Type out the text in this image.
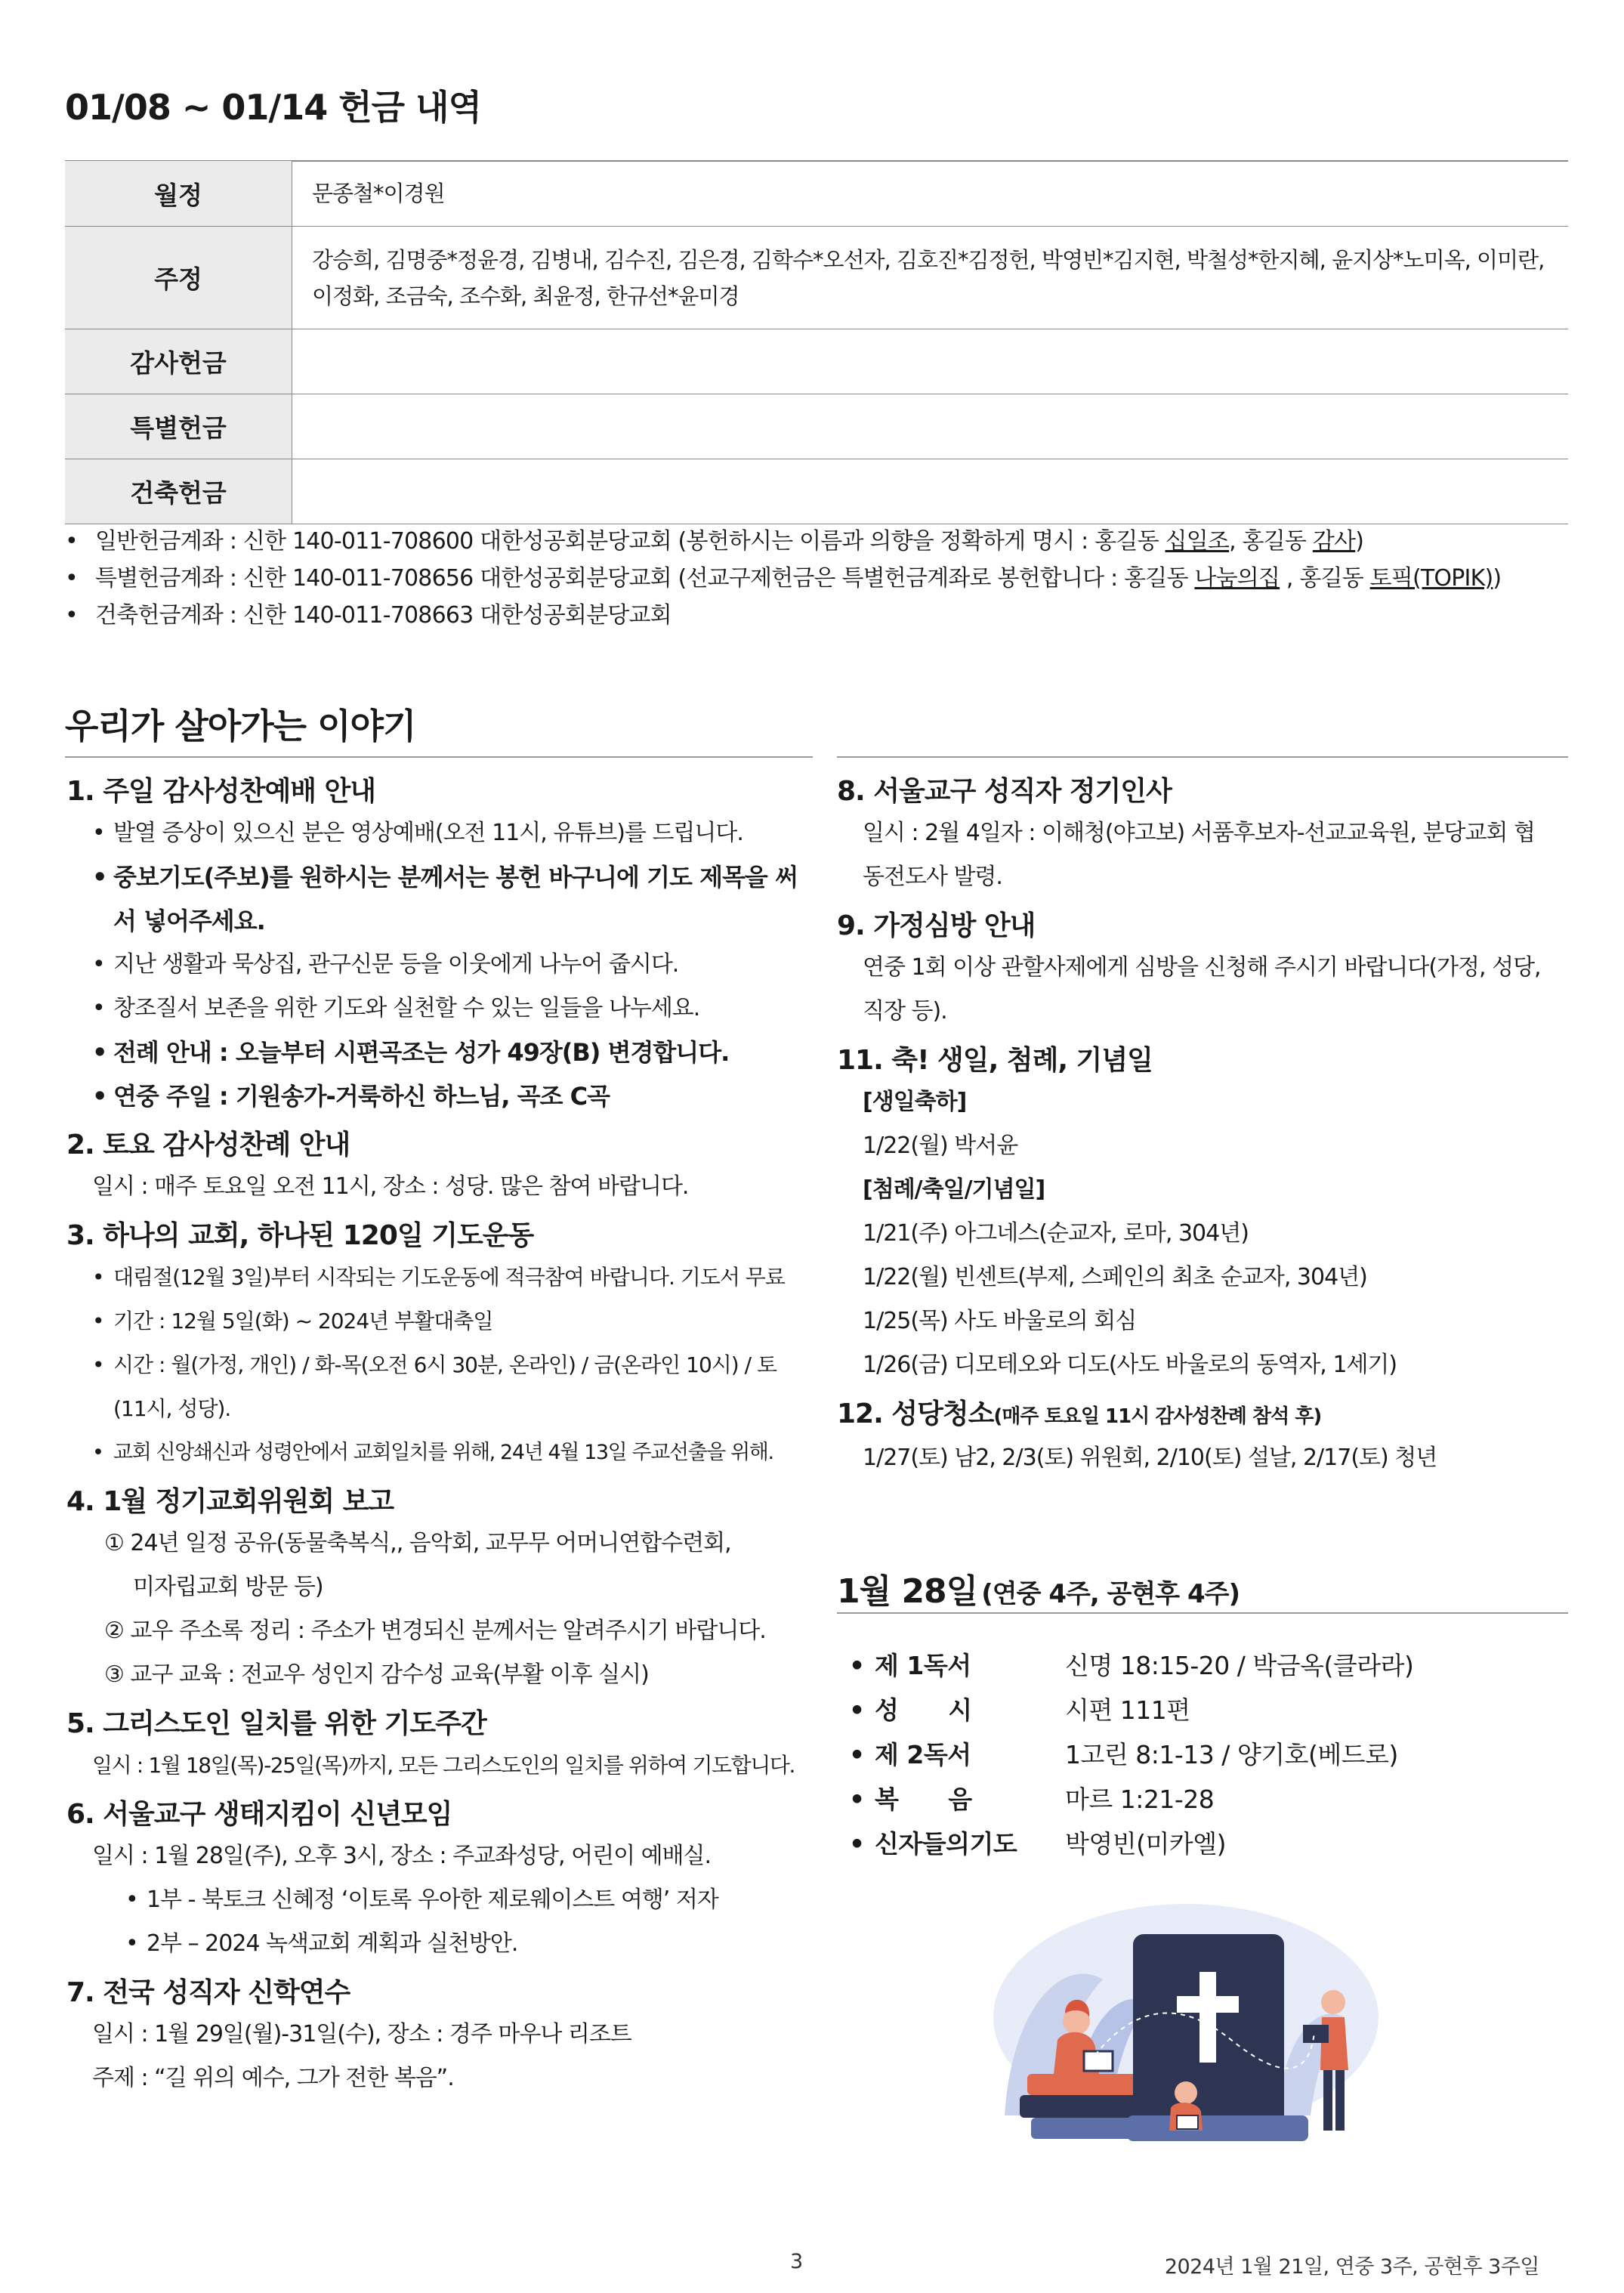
01/08 ~ 01/14 헌금 내역
월정	문종철*이경원
주정	강승희, 김명중*정윤경, 김병내, 김수진, 김은경, 김학수*오선자, 김호진*김정헌, 박영빈*김지현, 박철성*한지혜, 윤지상*노미옥, 이미란, 이정화, 조금숙, 조수화, 최윤정, 한규선*윤미경
감사헌금	
특별헌금	
건축헌금	
• 일반헌금계좌 : 신한 140-011-708600 대한성공회분당교회 (봉헌하시는 이름과 의향을 정확하게 명시 : 홍길동 십일조, 홍길동 감사)
• 특별헌금계좌 : 신한 140-011-708656 대한성공회분당교회 (선교구제헌금은 특별헌금계좌로 봉헌합니다 : 홍길동 나눔의집 , 홍길동 토픽(TOPIK))
• 건축헌금계좌 : 신한 140-011-708663 대한성공회분당교회
우리가 살아가는 이야기
1. 주일 감사성찬예배 안내
• 발열 증상이 있으신 분은 영상예배(오전 11시, 유튜브)를 드립니다.
• 중보기도(주보)를 원하시는 분께서는 봉헌 바구니에 기도 제목을 써서 넣어주세요.
• 지난 생활과 묵상집, 관구신문 등을 이웃에게 나누어 줍시다.
• 창조질서 보존을 위한 기도와 실천할 수 있는 일들을 나누세요.
• 전례 안내 : 오늘부터 시편곡조는 성가 49장(B) 변경합니다.
• 연중 주일 : 기원송가-거룩하신 하느님, 곡조 C곡
2. 토요 감사성찬례 안내
일시 : 매주 토요일 오전 11시, 장소 : 성당. 많은 참여 바랍니다.
3. 하나의 교회, 하나된 120일 기도운동
• 대림절(12월 3일)부터 시작되는 기도운동에 적극참여 바랍니다. 기도서 무료
• 기간 : 12월 5일(화) ~ 2024년 부활대축일
• 시간 : 월(가정, 개인) / 화-목(오전 6시 30분, 온라인) / 금(온라인 10시) / 토
(11시, 성당).
• 교회 신앙쇄신과 성령안에서 교회일치를 위해, 24년 4월 13일 주교선출을 위해.
4. 1월 정기교회위원회 보고
① 24년 일정 공유(동물축복식,, 음악회, 교무무 어머니연합수련회,
미자립교회 방문 등)
② 교우 주소록 정리 : 주소가 변경되신 분께서는 알려주시기 바랍니다.
③ 교구 교육 : 전교우 성인지 감수성 교육(부활 이후 실시)
5. 그리스도인 일치를 위한 기도주간
일시 : 1월 18일(목)-25일(목)까지, 모든 그리스도인의 일치를 위하여 기도합니다.
6. 서울교구 생태지킴이 신년모임
일시 : 1월 28일(주), 오후 3시, 장소 : 주교좌성당, 어린이 예배실.
• 1부 - 북토크 신혜정 ‘이토록 우아한 제로웨이스트 여행’ 저자
• 2부 – 2024 녹색교회 계획과 실천방안.
7. 전국 성직자 신학연수
일시 : 1월 29일(월)-31일(수), 장소 : 경주 마우나 리조트
주제 : “길 위의 예수, 그가 전한 복음”.
8. 서울교구 성직자 정기인사
일시 : 2월 4일자 : 이해청(야고보) 서품후보자-선교교육원, 분당교회 협
동전도사 발령.
9. 가정심방 안내
연중 1회 이상 관할사제에게 심방을 신청해 주시기 바랍니다(가정, 성당,
직장 등).
11. 축! 생일, 첨례, 기념일
[생일축하]
1/22(월) 박서윤
[첨례/축일/기념일]
1/21(주) 아그네스(순교자, 로마, 304년)
1/22(월) 빈센트(부제, 스페인의 최초 순교자, 304년)
1/25(목) 사도 바울로의 회심
1/26(금) 디모테오와 디도(사도 바울로의 동역자, 1세기)
12. 성당청소(매주 토요일 11시 감사성찬례 참석 후)
1/27(토) 남2, 2/3(토) 위원회, 2/10(토) 설날, 2/17(토) 청년
1월 28일 (연중 4주, 공현후 4주)
• 제 1독서	신명 18:15-20 / 박금옥(클라라)
• 성      시	시편 111편
• 제 2독서	1고린 8:1-13 / 양기호(베드로)
• 복      음	마르 1:21-28
• 신자들의기도	박영빈(미카엘)
3	2024년 1월 21일, 연중 3주, 공현후 3주일
